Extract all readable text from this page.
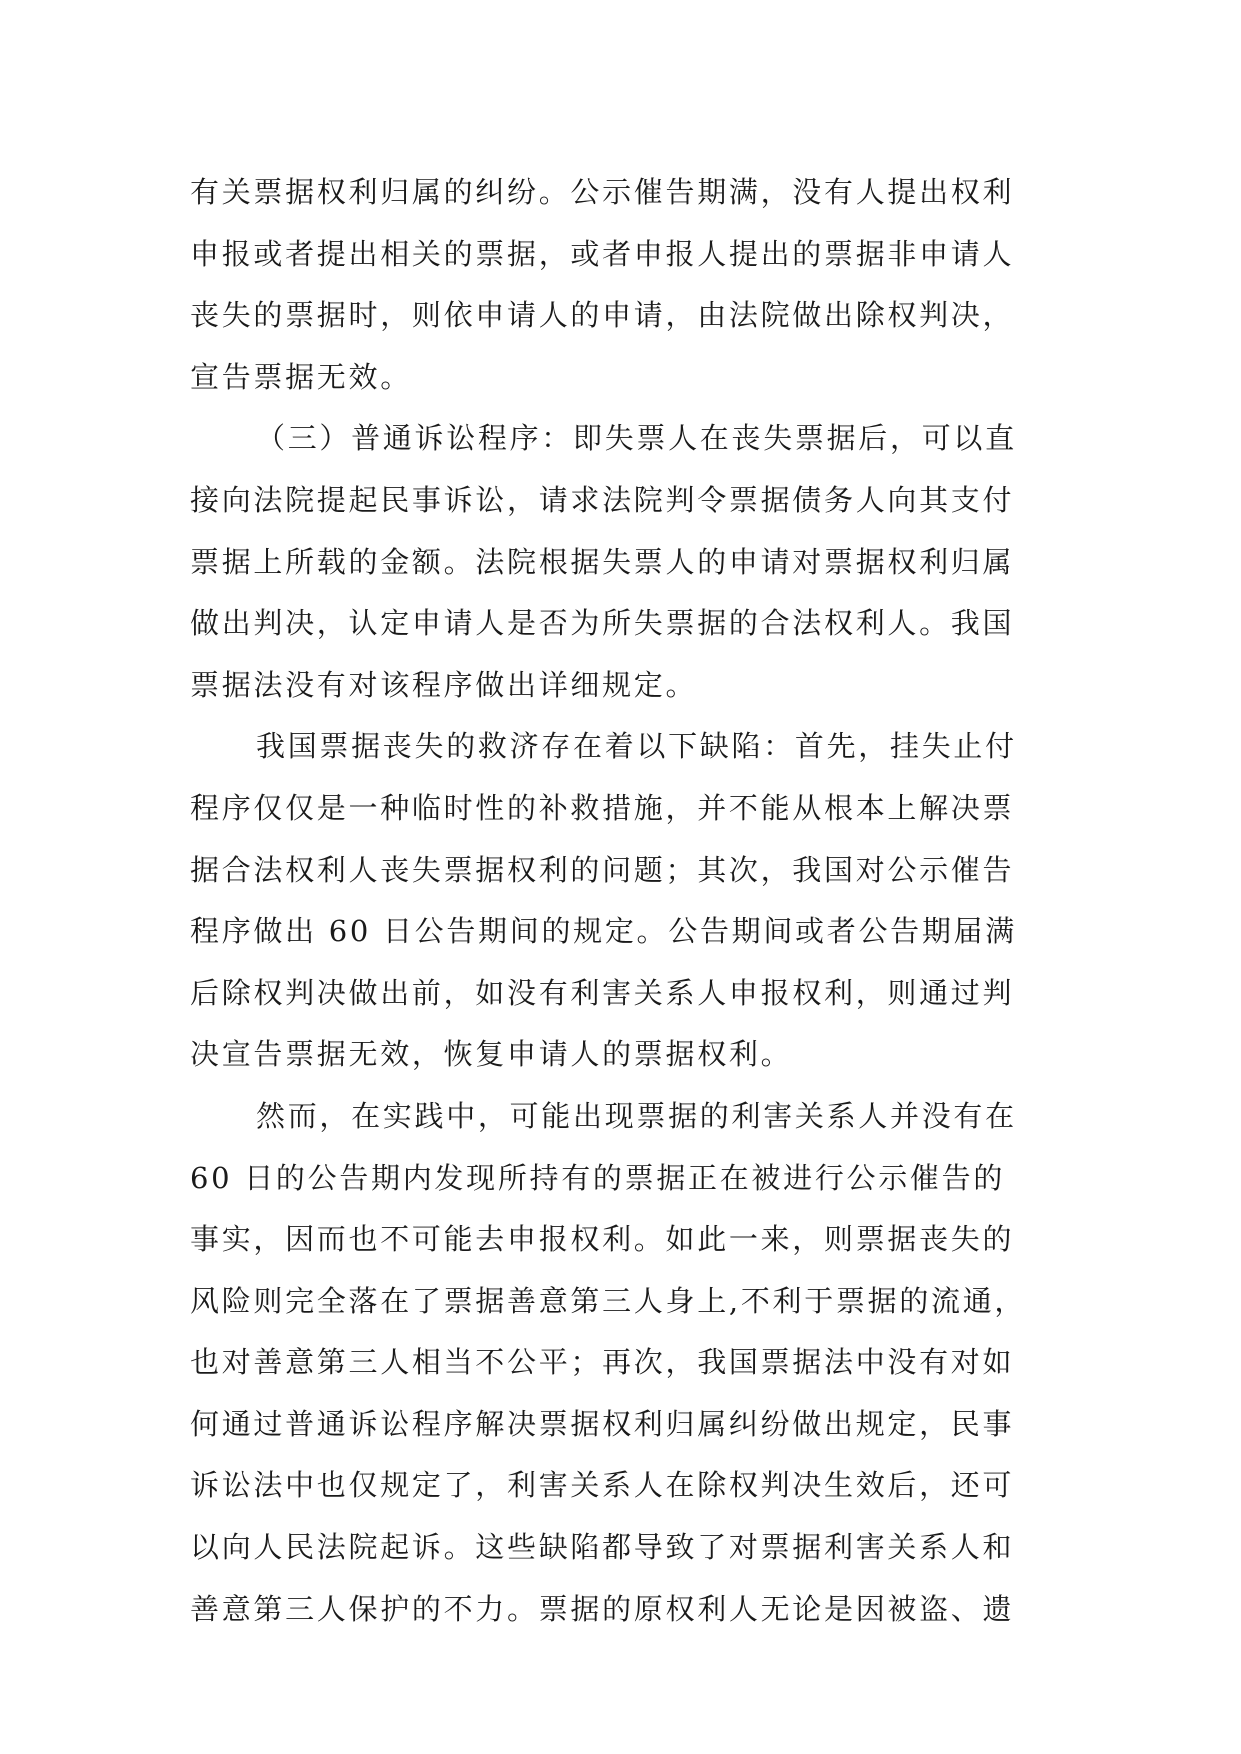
有关票据权利归属的纠纷。公示催告期满，没有人提出权利
申报或者提出相关的票据，或者申报人提出的票据非申请人
丧失的票据时，则依申请人的申请，由法院做出除权判决，
宣告票据无效。
（三）普通诉讼程序：即失票人在丧失票据后，可以直
接向法院提起民事诉讼，请求法院判令票据债务人向其支付
票据上所载的金额。法院根据失票人的申请对票据权利归属
做出判决，认定申请人是否为所失票据的合法权利人。我国
票据法没有对该程序做出详细规定。
我国票据丧失的救济存在着以下缺陷：首先，挂失止付
程序仅仅是一种临时性的补救措施，并不能从根本上解决票
据合法权利人丧失票据权利的问题；其次，我国对公示催告
程序做出 60 日公告期间的规定。公告期间或者公告期届满
后除权判决做出前，如没有利害关系人申报权利，则通过判
决宣告票据无效，恢复申请人的票据权利。
然而，在实践中，可能出现票据的利害关系人并没有在
60 日的公告期内发现所持有的票据正在被进行公示催告的
事实，因而也不可能去申报权利。如此一来，则票据丧失的
风险则完全落在了票据善意第三人身上,不利于票据的流通，
也对善意第三人相当不公平；再次，我国票据法中没有对如
何通过普通诉讼程序解决票据权利归属纠纷做出规定，民事
诉讼法中也仅规定了，利害关系人在除权判决生效后，还可
以向人民法院起诉。这些缺陷都导致了对票据利害关系人和
善意第三人保护的不力。票据的原权利人无论是因被盗、遗
